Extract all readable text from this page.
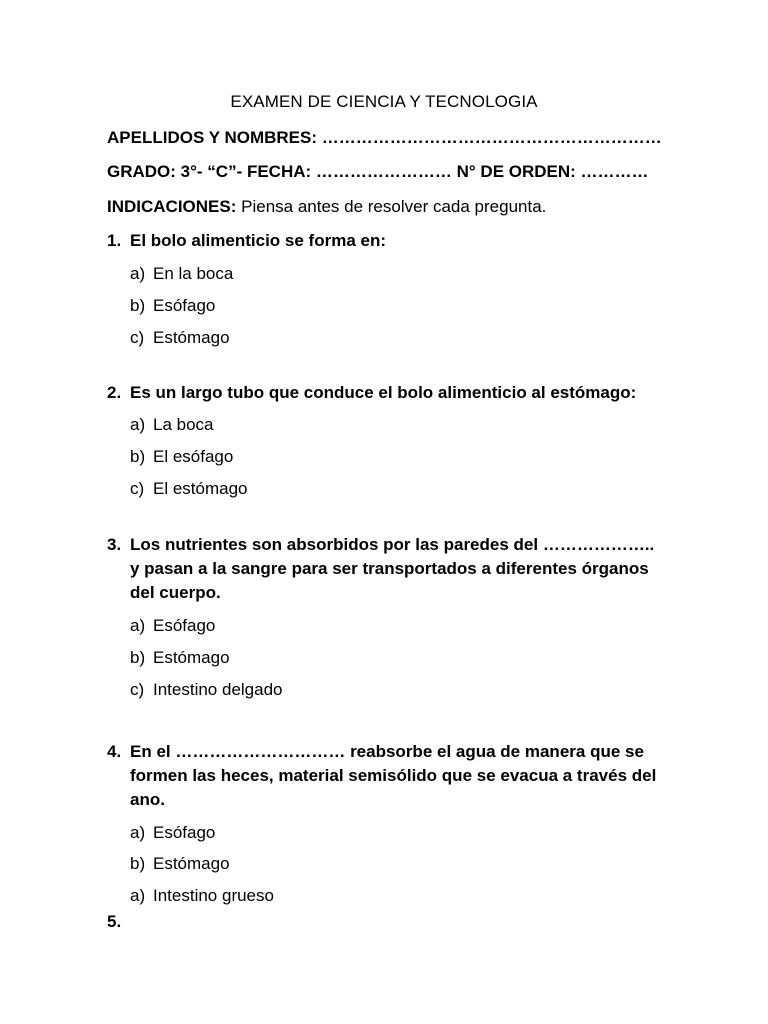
EXAMEN DE CIENCIA Y TECNOLOGIA
APELLIDOS Y NOMBRES: ……………………………………………………
GRADO: 3°- “C”- FECHA: …………………… N° DE ORDEN: …………
INDICACIONES: Piensa antes de resolver cada pregunta.
1. El bolo alimenticio se forma en:
a) En la boca
b) Esófago
c) Estómago
2. Es un largo tubo que conduce el bolo alimenticio al estómago:
a) La boca
b) El esófago
c) El estómago
3. Los nutrientes son absorbidos por las paredes del ……………….. y pasan a la sangre para ser transportados a diferentes órganos del cuerpo.
a) Esófago
b) Estómago
c) Intestino delgado
4. En el ………………………… reabsorbe el agua de manera que se formen las heces, material semisólido que se evacua a través del ano.
a) Esófago
b) Estómago
a) Intestino grueso
5.
